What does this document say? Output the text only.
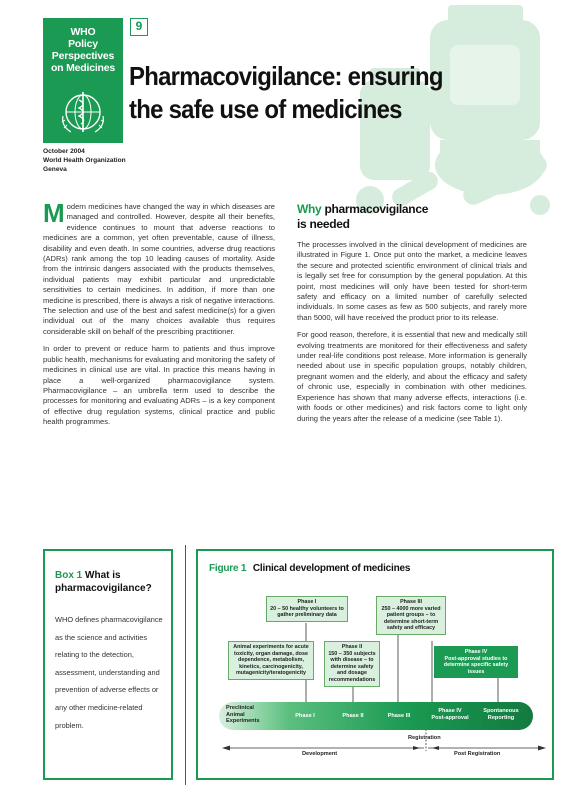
WHO
Policy
Perspectives
on Medicines
9
Pharmacovigilance: ensuring
the safe use of medicines
October 2004
World Health Organization
Geneva

Modern medicines have changed the way in which diseases are managed and controlled. However, despite all their benefits, evidence continues to mount that adverse reactions to medicines are a common, yet often preventable, cause of illness, disability and even death. In some countries, adverse drug reactions (ADRs) rank among the top 10 leading causes of mortality. Aside from the intrinsic dangers associated with the products themselves, individual patients may exhibit particular and unpredictable sensitivities to certain medicines. In addition, if more than one medicine is prescribed, there is always a risk of negative interactions. The selection and use of the best and safest medicine(s) for a given individual out of the many choices available thus requires considerable skill on behalf of the prescribing practitioner.

In order to prevent or reduce harm to patients and thus improve public health, mechanisms for evaluating and monitoring the safety of medicines in clinical use are vital. In practice this means having in place a well-organized pharmacovigilance system. Pharmacovigilance – an umbrella term used to describe the processes for monitoring and evaluating ADRs – is a key component of effective drug regulation systems, clinical practice and public health programmes.

Why pharmacovigilance
is needed

The processes involved in the clinical development of medicines are illustrated in Figure 1. Once put onto the market, a medicine leaves the secure and protected scientific environment of clinical trials and is legally set free for consumption by the general population. At this point, most medicines will only have been tested for short-term safety and efficacy on a limited number of carefully selected individuals. In some cases as few as 500 subjects, and rarely more than 5000, will have received the product prior to its release.

For good reason, therefore, it is essential that new and medically still evolving treatments are monitored for their effectiveness and safety under real-life conditions post release. More information is generally needed about use in specific population groups, notably children, pregnant women and the elderly, and about the efficacy and safety of chronic use, especially in combination with other medicines. Experience has shown that many adverse effects, interactions (i.e. with foods or other medicines) and risk factors come to light only during the years after the release of a medicine (see Table 1).

Box 1 What is pharmacovigilance?
WHO defines pharmacovigilance as the science and activities relating to the detection, assessment, understanding and prevention of adverse effects or any other medicine-related problem.
Figure 1 Clinical development of medicines
Phase I
20 – 50 healthy volunteers to gather preliminary data
Phase III
250 – 4000 more varied patient groups – to determine short-term safety and efficacy
Animal experiments for acute toxicity, organ damage, dose dependence, metabolism, kinetics, carcinogenicity, mutagenicity/teratogenicity
Phase II
150 – 350 subjects with disease – to determine safety and dosage recommendations
Phase IV
Post-approval studies to determine specific safety issues
Preclinical Animal Experiments
Phase I	Phase II	Phase III
Phase IV
Post-approval
Spontaneous
Reporting
Registration
Development	Post Registration
